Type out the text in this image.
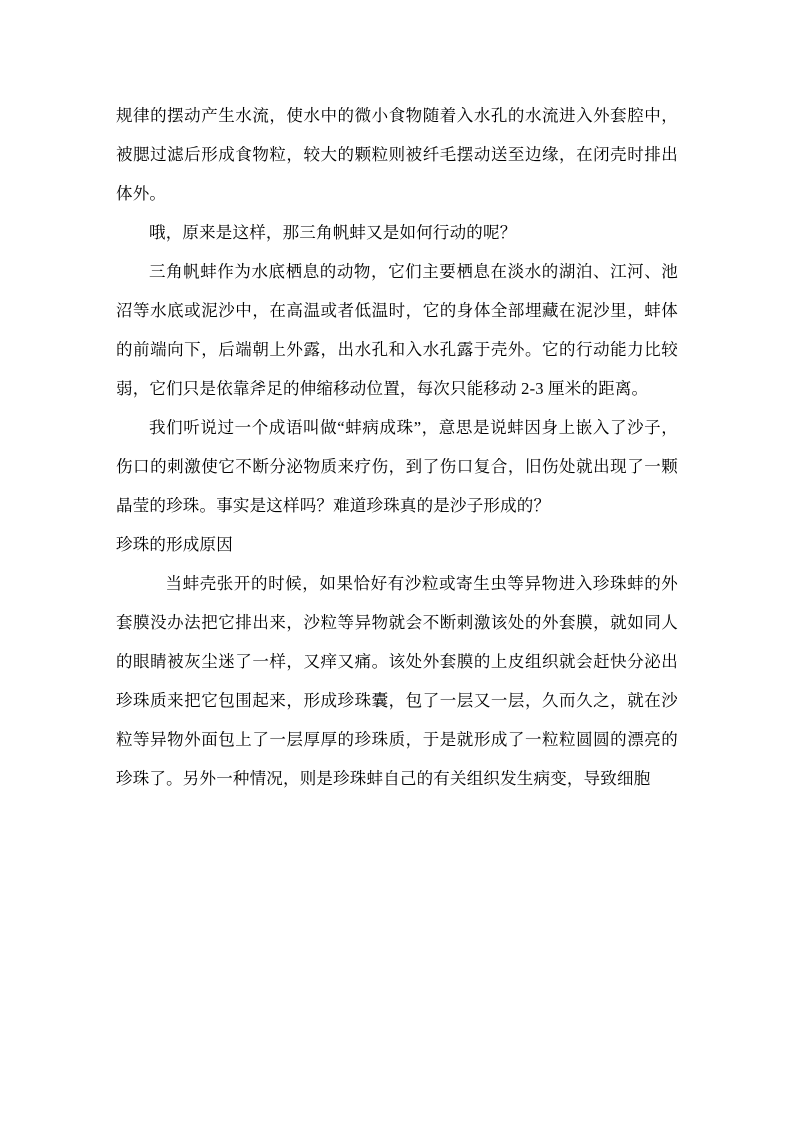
规律的摆动产生水流，使水中的微小食物随着入水孔的水流进入外套腔中，被腮过滤后形成食物粒，较大的颗粒则被纤毛摆动送至边缘，在闭壳时排出体外。

哦，原来是这样，那三角帆蚌又是如何行动的呢？

三角帆蚌作为水底栖息的动物，它们主要栖息在淡水的湖泊、江河、池沼等水底或泥沙中，在高温或者低温时，它的身体全部埋藏在泥沙里，蚌体的前端向下，后端朝上外露，出水孔和入水孔露于壳外。它的行动能力比较弱，它们只是依靠斧足的伸缩移动位置，每次只能移动 2-3 厘米的距离。

我们听说过一个成语叫做“蚌病成珠”，意思是说蚌因身上嵌入了沙子，伤口的刺激使它不断分泌物质来疗伤，到了伤口复合，旧伤处就出现了一颗晶莹的珍珠。事实是这样吗？难道珍珠真的是沙子形成的？

珍珠的形成原因

当蚌壳张开的时候，如果恰好有沙粒或寄生虫等异物进入珍珠蚌的外套膜没办法把它排出来，沙粒等异物就会不断刺激该处的外套膜，就如同人的眼睛被灰尘迷了一样，又痒又痛。该处外套膜的上皮组织就会赶快分泌出珍珠质来把它包围起来，形成珍珠囊，包了一层又一层，久而久之，就在沙粒等异物外面包上了一层厚厚的珍珠质，于是就形成了一粒粒圆圆的漂亮的珍珠了。另外一种情况，则是珍珠蚌自己的有关组织发生病变，导致细胞
